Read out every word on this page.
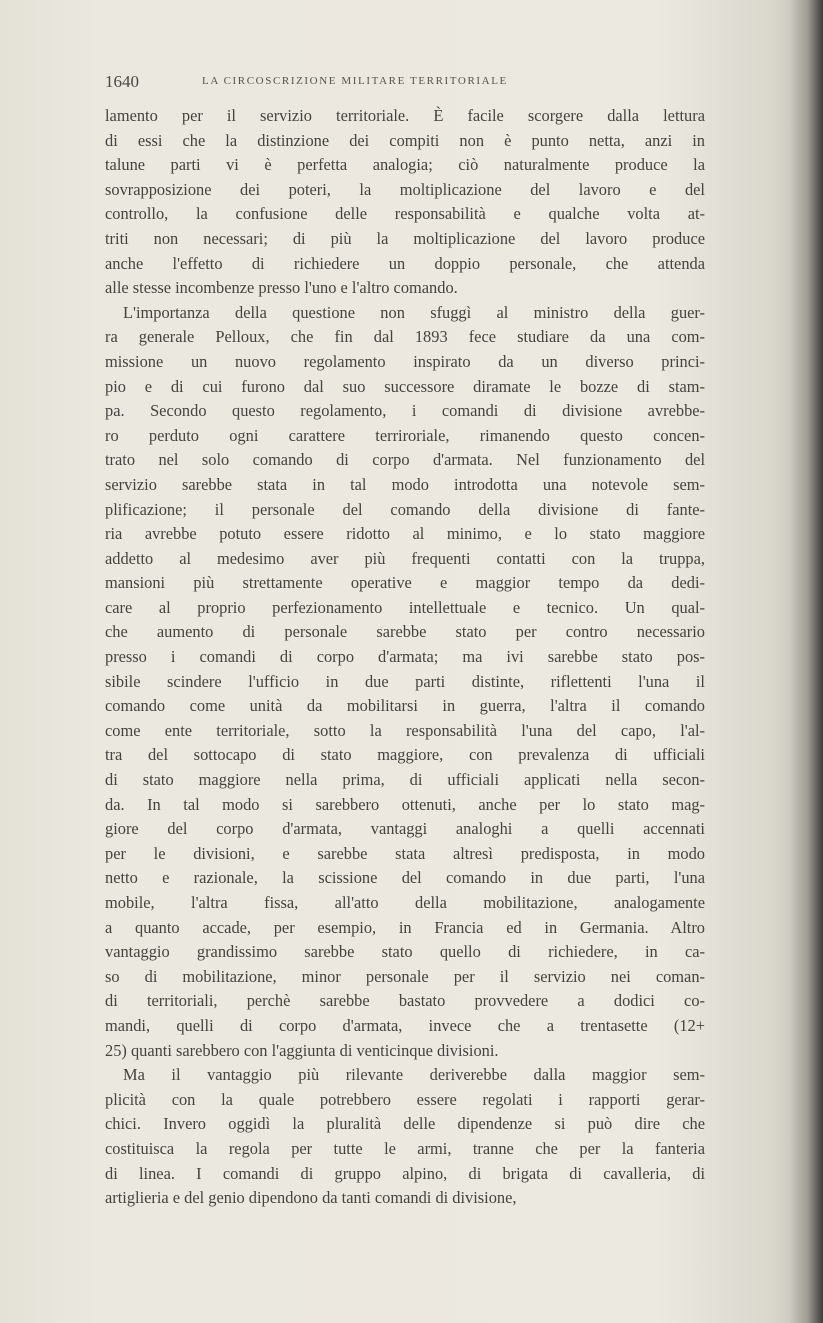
1640	LA CIRCOSCRIZIONE MILITARE TERRITORIALE
lamento per il servizio territoriale. È facile scorgere dalla lettura
di essi che la distinzione dei compiti non è punto netta, anzi in
talune parti vi è perfetta analogia; ciò naturalmente produce la
sovrapposizione dei poteri, la moltiplicazione del lavoro e del
controllo, la confusione delle responsabilità e qualche volta at-
triti non necessari; di più la moltiplicazione del lavoro produce
anche l'effetto di richiedere un doppio personale, che attenda
alle stesse incombenze presso l'uno e l'altro comando.
L'importanza della questione non sfuggì al ministro della guer-
ra generale Pelloux, che fin dal 1893 fece studiare da una com-
missione un nuovo regolamento inspirato da un diverso princi-
pio e di cui furono dal suo successore diramate le bozze di stam-
pa. Secondo questo regolamento, i comandi di divisione avrebbe-
ro perduto ogni carattere terriroriale, rimanendo questo concen-
trato nel solo comando di corpo d'armata. Nel funzionamento del
servizio sarebbe stata in tal modo introdotta una notevole sem-
plificazione; il personale del comando della divisione di fante-
ria avrebbe potuto essere ridotto al minimo, e lo stato maggiore
addetto al medesimo aver più frequenti contatti con la truppa,
mansioni più strettamente operative e maggior tempo da dedi-
care al proprio perfezionamento intellettuale e tecnico. Un qual-
che aumento di personale sarebbe stato per contro necessario
presso i comandi di corpo d'armata; ma ivi sarebbe stato pos-
sibile scindere l'ufficio in due parti distinte, riflettenti l'una il
comando come unità da mobilitarsi in guerra, l'altra il comando
come ente territoriale, sotto la responsabilità l'una del capo, l'al-
tra del sottocapo di stato maggiore, con prevalenza di ufficiali
di stato maggiore nella prima, di ufficiali applicati nella secon-
da. In tal modo si sarebbero ottenuti, anche per lo stato mag-
giore del corpo d'armata, vantaggi analoghi a quelli accennati
per le divisioni, e sarebbe stata altresì predisposta, in modo
netto e razionale, la scissione del comando in due parti, l'una
mobile, l'altra fissa, all'atto della mobilitazione, analogamente
a quanto accade, per esempio, in Francia ed in Germania. Altro
vantaggio grandissimo sarebbe stato quello di richiedere, in ca-
so di mobilitazione, minor personale per il servizio nei coman-
di territoriali, perchè sarebbe bastato provvedere a dodici co-
mandi, quelli di corpo d'armata, invece che a trentasette (12+
25) quanti sarebbero con l'aggiunta di venticinque divisioni.
Ma il vantaggio più rilevante deriverebbe dalla maggior sem-
plicità con la quale potrebbero essere regolati i rapporti gerar-
chici. Invero oggidì la pluralità delle dipendenze si può dire che
costituisca la regola per tutte le armi, tranne che per la fanteria
di linea. I comandi di gruppo alpino, di brigata di cavalleria, di
artiglieria e del genio dipendono da tanti comandi di divisione,
